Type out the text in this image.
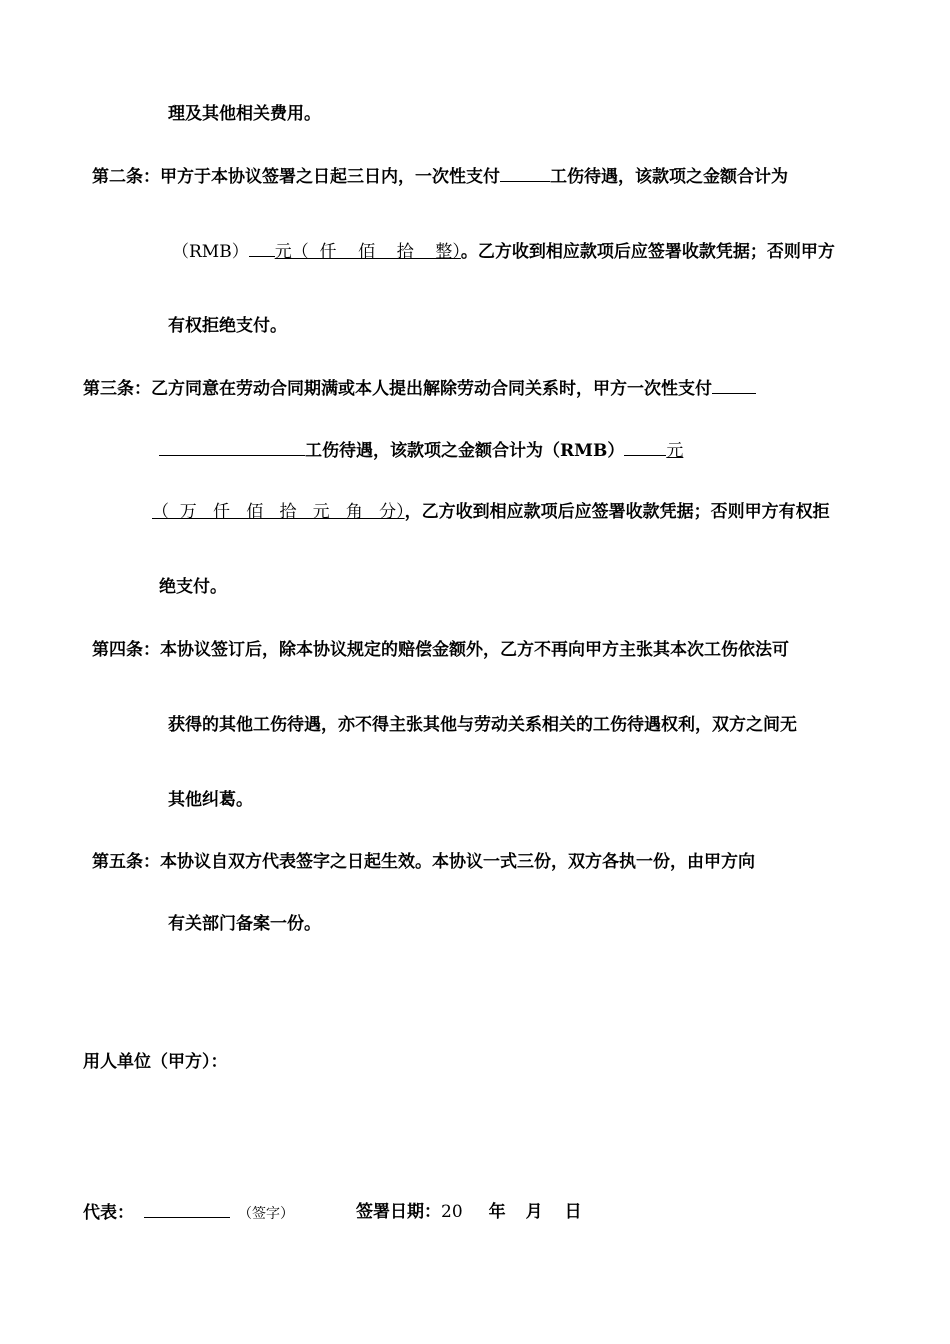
理及其他相关费用。
第二条：甲方于本协议签署之日起三日内，一次性支付	工伤待遇，该款项之金额合计为
（RMB） 元（  仟    佰    拾    整）。乙方收到相应款项后应签署收款凭据；否则甲方
有权拒绝支付。
第三条：乙方同意在劳动合同期满或本人提出解除劳动合同关系时，甲方一次性支付
工伤待遇，该款项之金额合计为（RMB） 元
（  万   仟   佰   拾   元   角   分），乙方收到相应款项后应签署收款凭据；否则甲方有权拒
绝支付。
第四条：本协议签订后，除本协议规定的赔偿金额外，乙方不再向甲方主张其本次工伤依法可
获得的其他工伤待遇，亦不得主张其他与劳动关系相关的工伤待遇权利，双方之间无
其他纠葛。
第五条：本协议自双方代表签字之日起生效。本协议一式三份，双方各执一份，由甲方向
有关部门备案一份。
用人单位（甲方）：
代表：	（签字）	签署日期：20 年 月 日
